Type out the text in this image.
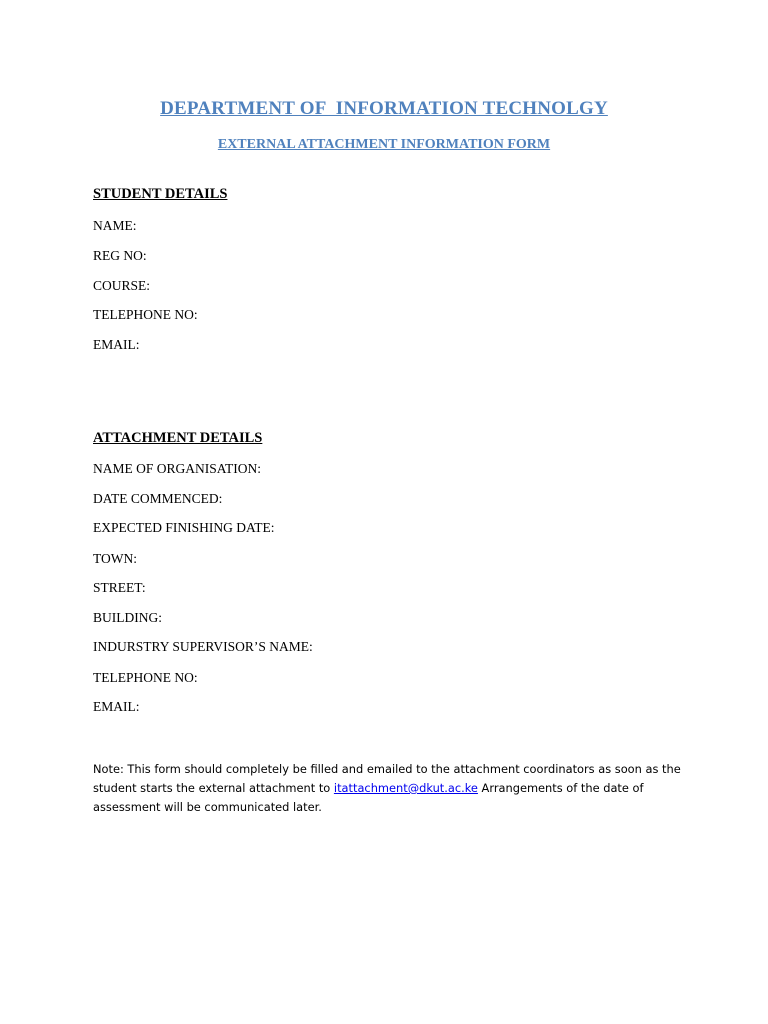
DEPARTMENT OF  INFORMATION TECHNOLGY
EXTERNAL ATTACHMENT INFORMATION FORM
STUDENT DETAILS
NAME:
REG NO:
COURSE:
TELEPHONE NO:
EMAIL:
ATTACHMENT DETAILS
NAME OF ORGANISATION:
DATE COMMENCED:
EXPECTED FINISHING DATE:
TOWN:
STREET:
BUILDING:
INDURSTRY SUPERVISOR’S NAME:
TELEPHONE NO:
EMAIL:
Note: This form should completely be filled and emailed to the attachment coordinators as soon as the student starts the external attachment to itattachment@dkut.ac.ke Arrangements of the date of assessment will be communicated later.
